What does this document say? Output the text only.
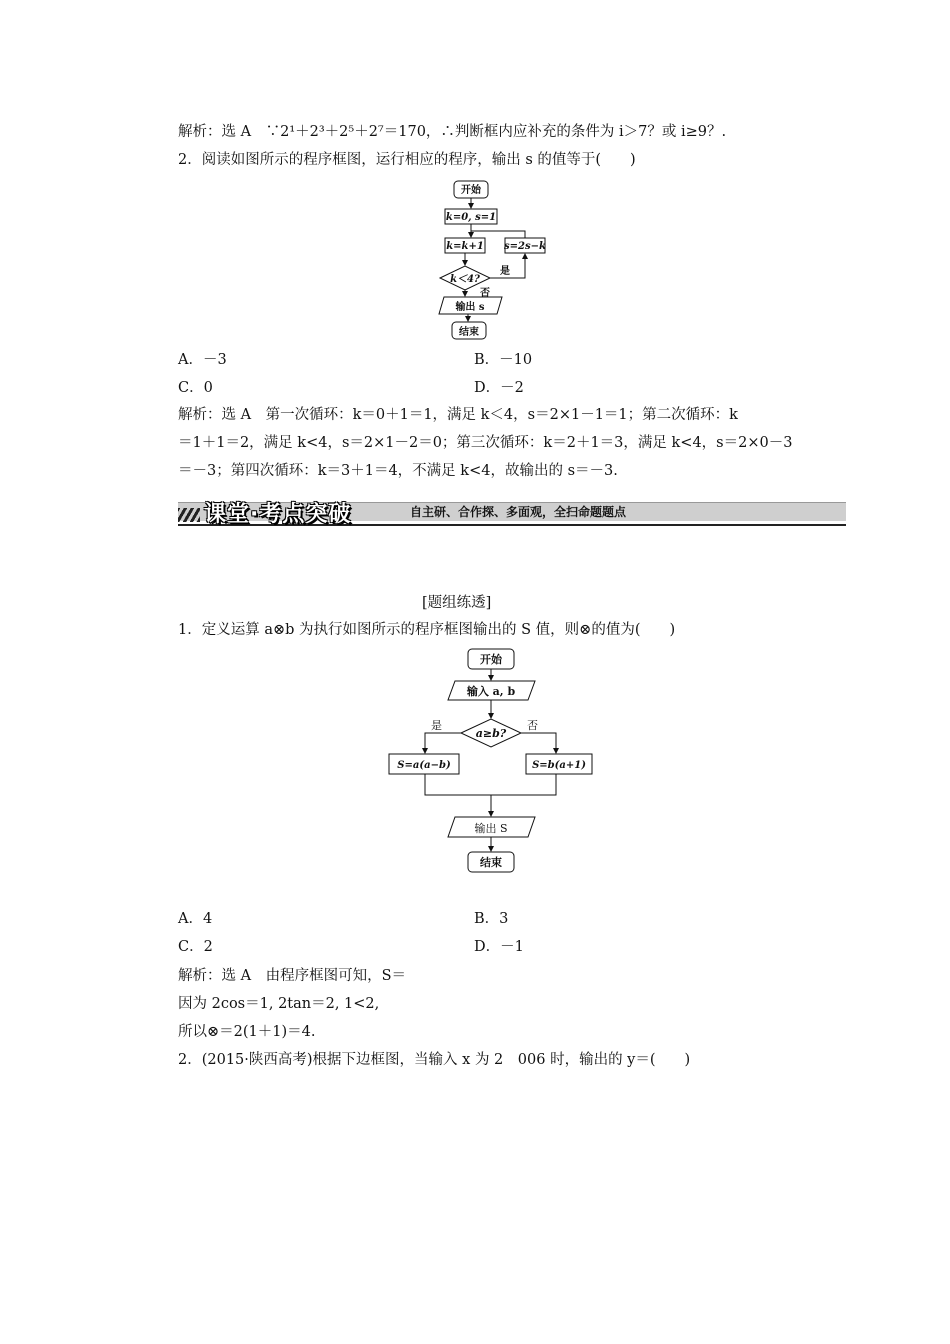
解析：选 A　∵2¹＋2³＋2⁵＋2⁷＝170，∴判断框内应补充的条件为 i＞7？或 i≥9？.
2．阅读如图所示的程序框图，运行相应的程序，输出 s 的值等于(　　)
开始
k=0, s=1
k=k+1 s=2s−k
k＜4?
是
否
输出 s
结束
A．－3	B．－10
C．0	D．－2
解析：选 A　第一次循环：k＝0＋1＝1，满足 k＜4，s＝2×1－1＝1；第二次循环：k
＝1＋1＝2，满足 k<4，s＝2×1－2＝0；第三次循环：k＝2＋1＝3，满足 k<4，s＝2×0－3
＝－3；第四次循环：k＝3＋1＝4，不满足 k<4，故输出的 s＝－3.
课堂·考点突破	自主研、合作探、多面观，全扫命题题点
[题组练透]
1．定义运算 a⊗b 为执行如图所示的程序框图输出的 S 值，则⊗的值为(　　)
开始
输入 a, b
a≥b?
是	否
S=a(a−b)	S=b(a+1)
输出 S
结束
A．4	B．3
C．2	D．－1
解析：选 A　由程序框图可知，S＝
因为 2cos＝1, 2tan＝2, 1<2,
所以⊗＝2(1＋1)＝4.
2．(2015·陕西高考)根据下边框图，当输入 x 为 2　006 时，输出的 y＝(　　)
